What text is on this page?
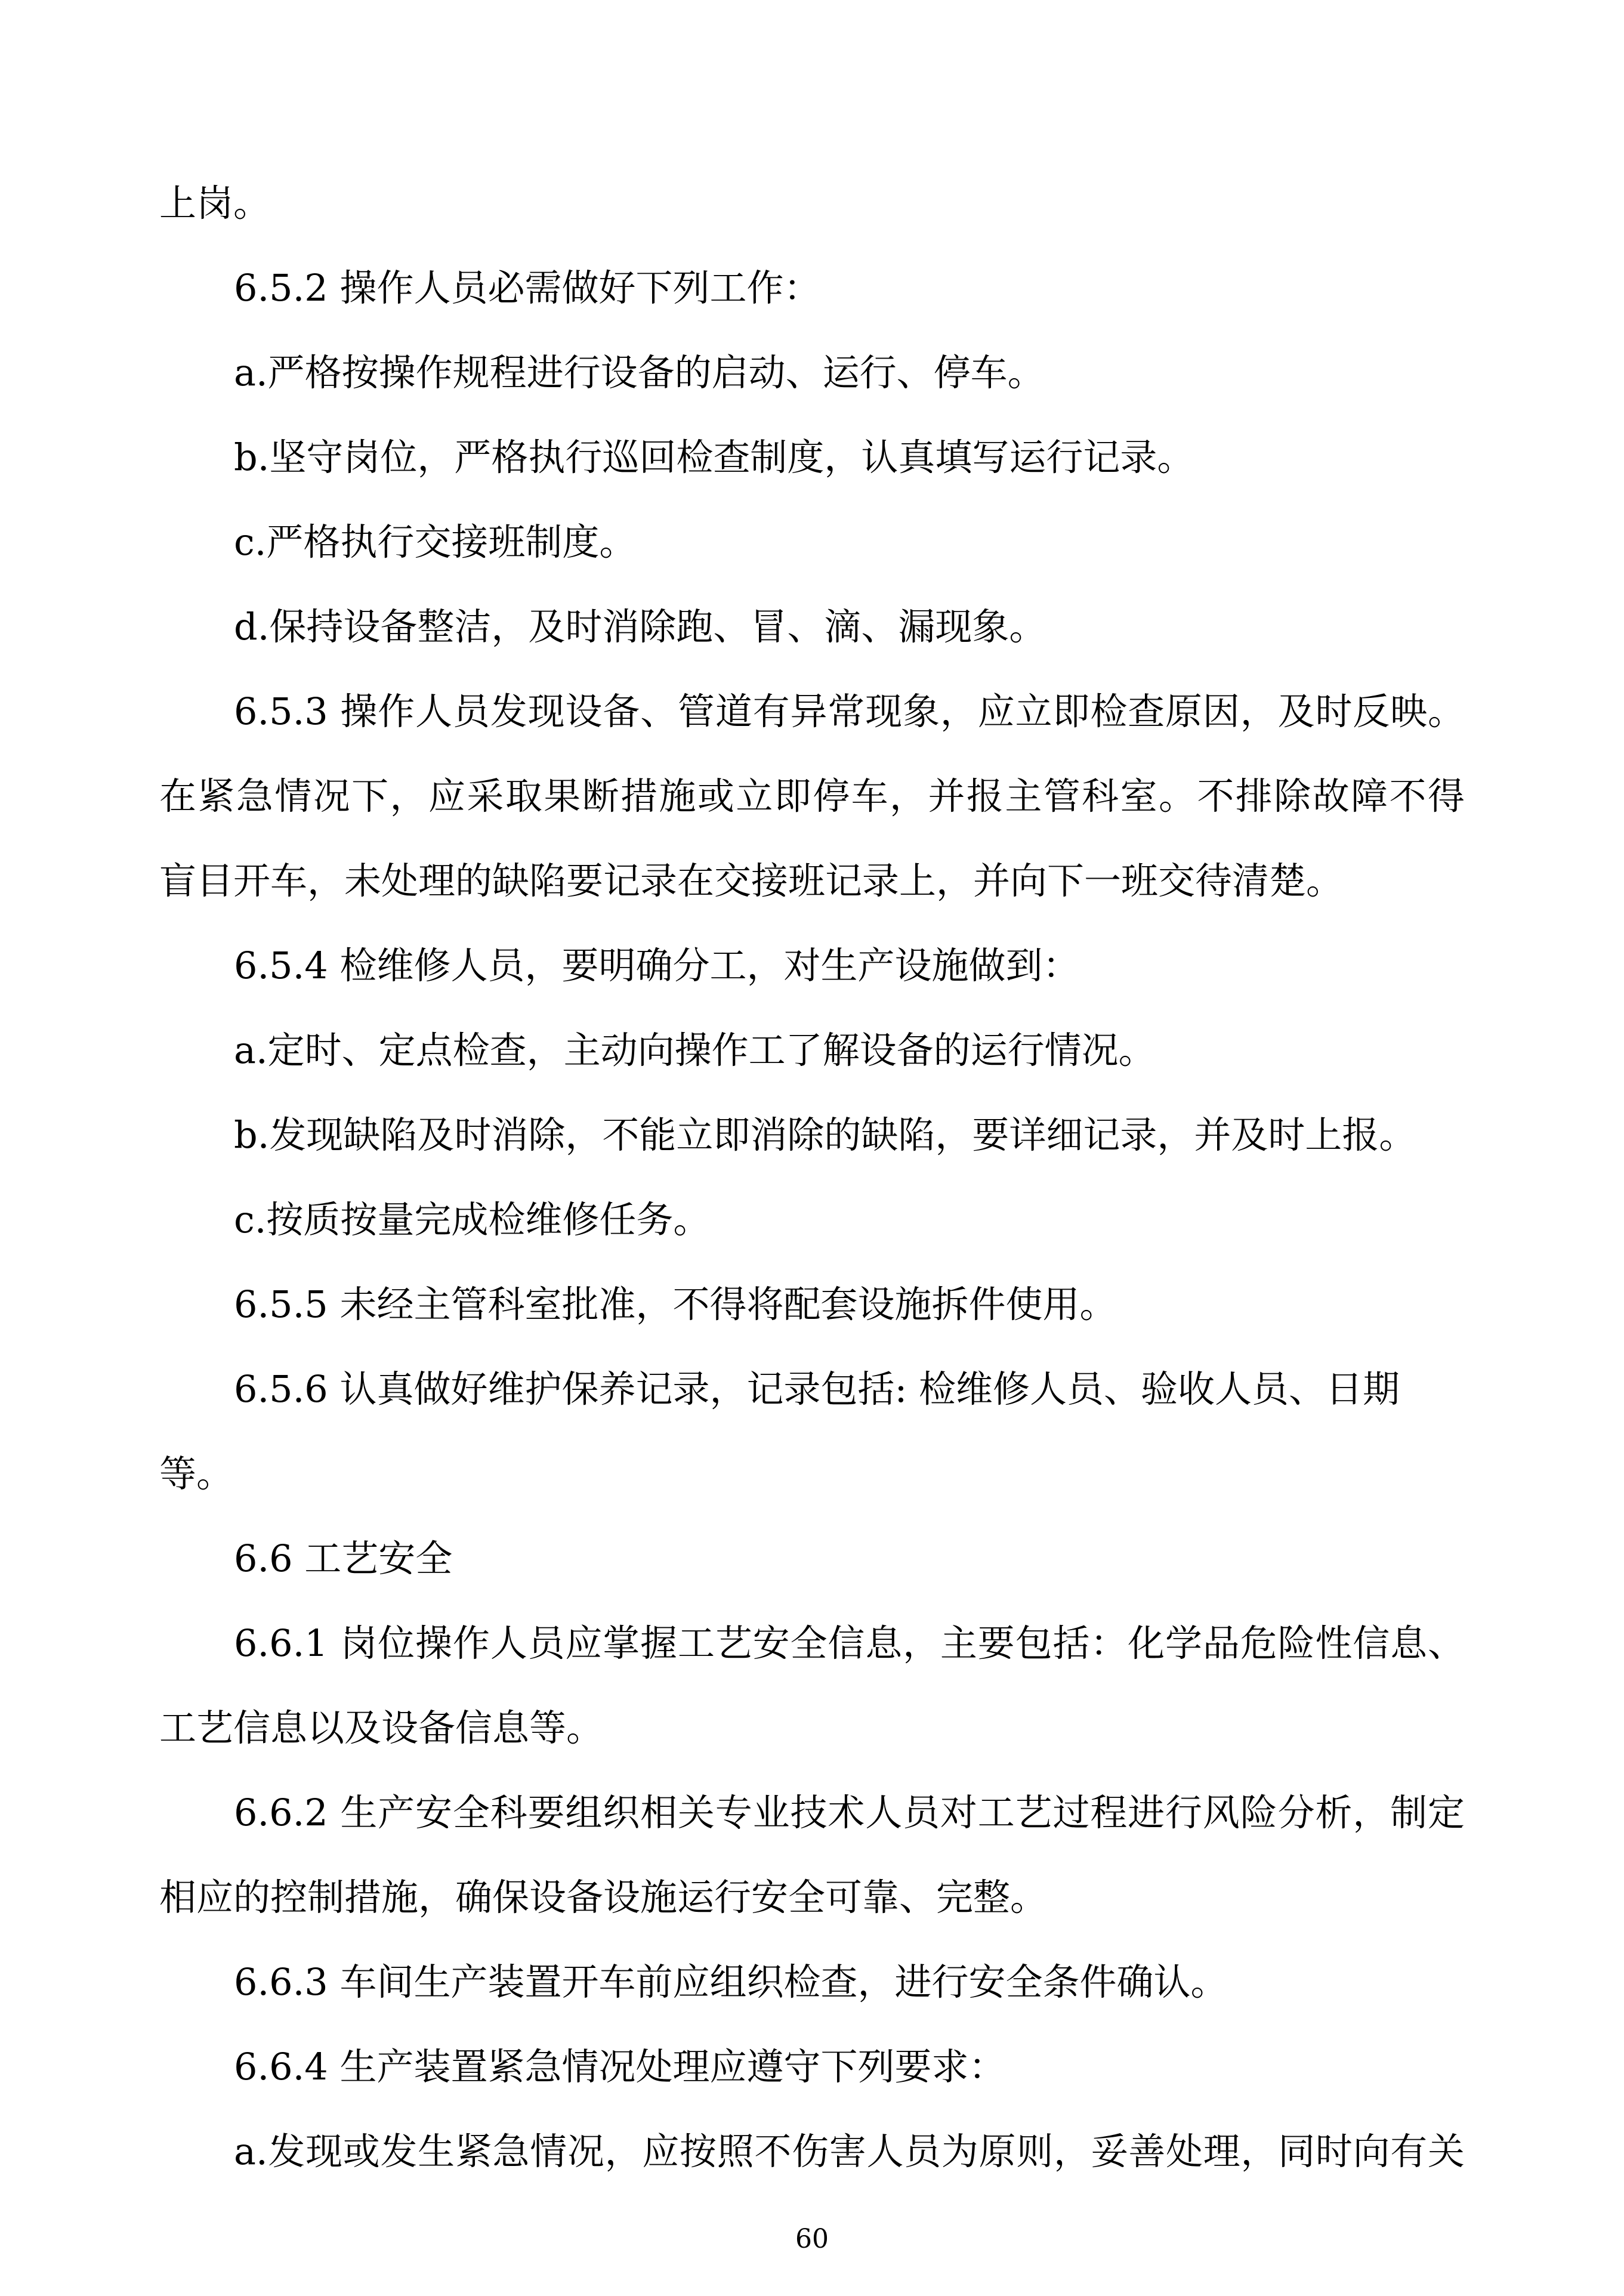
上岗。
6.5.2 操作人员必需做好下列工作：
a.严格按操作规程进行设备的启动、运行、停车。
b.坚守岗位，严格执行巡回检查制度，认真填写运行记录。
c.严格执行交接班制度。
d.保持设备整洁，及时消除跑、冒、滴、漏现象。
6.5.3 操作人员发现设备、管道有异常现象，应立即检查原因，及时反映。
在紧急情况下，应采取果断措施或立即停车，并报主管科室。不排除故障不得
盲目开车，未处理的缺陷要记录在交接班记录上，并向下一班交待清楚。
6.5.4 检维修人员，要明确分工，对生产设施做到：
a.定时、定点检查，主动向操作工了解设备的运行情况。
b.发现缺陷及时消除，不能立即消除的缺陷，要详细记录，并及时上报。
c.按质按量完成检维修任务。
6.5.5 未经主管科室批准，不得将配套设施拆件使用。
6.5.6 认真做好维护保养记录，记录包括: 检维修人员、验收人员、日期等。
6.6 工艺安全
6.6.1 岗位操作人员应掌握工艺安全信息，主要包括：化学品危险性信息、
工艺信息以及设备信息等。
6.6.2 生产安全科要组织相关专业技术人员对工艺过程进行风险分析，制定
相应的控制措施，确保设备设施运行安全可靠、完整。
6.6.3 车间生产装置开车前应组织检查，进行安全条件确认。
6.6.4 生产装置紧急情况处理应遵守下列要求：
a.发现或发生紧急情况，应按照不伤害人员为原则，妥善处理，同时向有关
60
